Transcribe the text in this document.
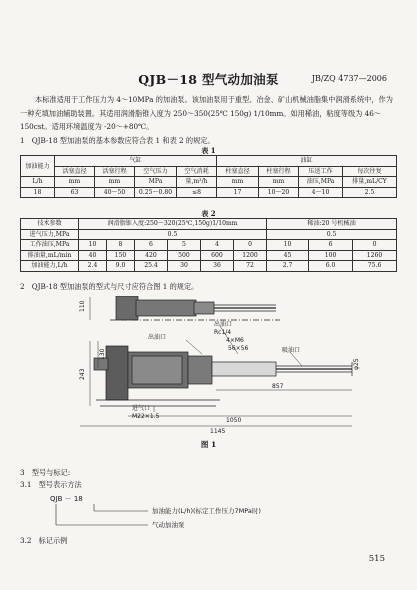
QJB－18 型气动加油泵	JB/ZQ 4737—2006
本标准适用于工作压力为 4～10MPa 的加油泵。该加油泵用于重型、冶金、矿山机械油脂集中润滑系统中，作为一种充填加油辅助装置。其适用润滑脂锥入度为 250～350(25℃ 150g) 1/10mm。如用稀油，粘度等级为 46～150cst。适用环境温度为 -20～+80℃。
1　QJB-18 型加油泵的基本参数应符合表 1 和表 2 的规定。
表 1
加油能力	气缸				油缸			
	活塞直径	活塞行程	空气压力	空气消耗	柱塞直径	柱塞行程	压送工作	每次往复
L/h	mm	mm	MPa	量,m³/h	mm	mm	油压,MPa	排量,mL/CY
18	63	40～50	0.25～0.80	≤8	17	10～20	4～10	2.5
表 2
技术参数	润滑脂锥入度:250～320(25℃,150g)1/10mm						稀油:20 号机械油		
进气压力,MPa	0.5						0.5		
工作油压,MPa	10	8	6	5	4	0	10	6	0
排油量,mL/min	40	150	420	500	600	1200	45	100	1260
加油能力,L/h	2.4	9.0	25.4	30	36	72	2.7	6.0	75.6
2　QJB-18 型加油泵的型式与尺寸应符合图 1 的规定。
110
243
130
φ25
857
1050
1145
出油口
Rc1/4
4×M6
56×56
出油口
吸油口
进气口
M22×1.5
图 1
3　型号与标记:
3.1　型号表示方法
QJB － 18
加油能力(L/h)(标定工作压力7MPa时)
气动加油泵
3.2　标记示例
515
